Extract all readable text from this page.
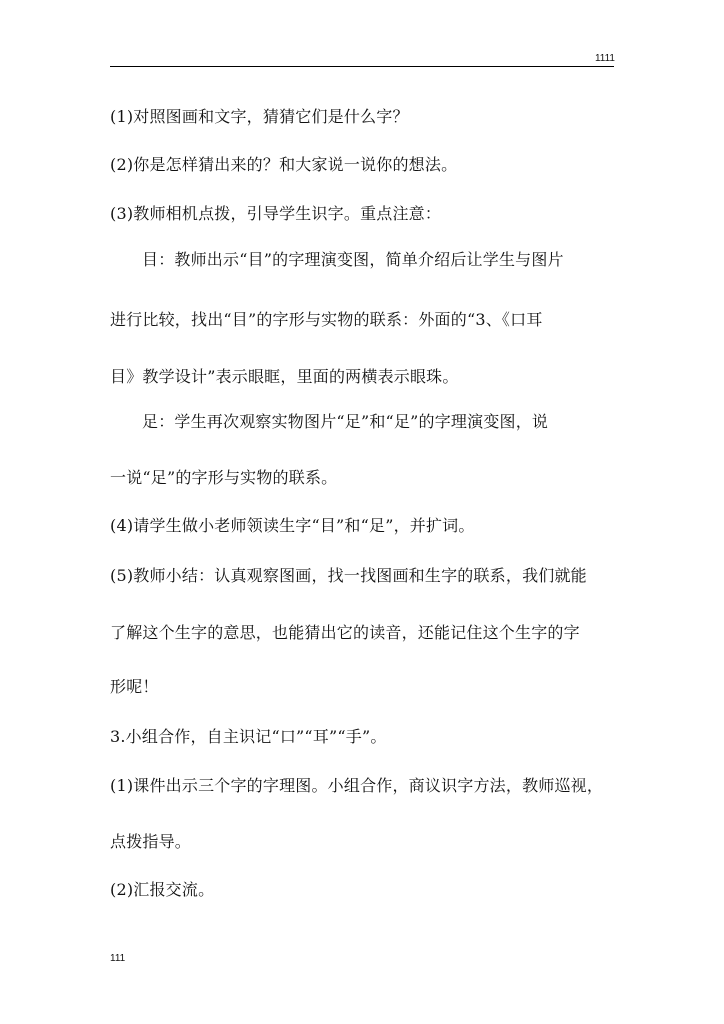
1111
(1)对照图画和文字，猜猜它们是什么字？
(2)你是怎样猜出来的？和大家说一说你的想法。
(3)教师相机点拨，引导学生识字。重点注意：
目：教师出示“目”的字理演变图，简单介绍后让学生与图片
进行比较，找出“目”的字形与实物的联系：外面的“3、《口耳
目》教学设计”表示眼眶，里面的两横表示眼珠。
足：学生再次观察实物图片“足”和“足”的字理演变图，说
一说“足”的字形与实物的联系。
(4)请学生做小老师领读生字“目”和“足”，并扩词。
(5)教师小结：认真观察图画，找一找图画和生字的联系，我们就能
了解这个生字的意思，也能猜出它的读音，还能记住这个生字的字
形呢！
3.小组合作，自主识记“口”“耳”“手”。
(1)课件出示三个字的字理图。小组合作，商议识字方法，教师巡视，
点拨指导。
(2)汇报交流。
111
